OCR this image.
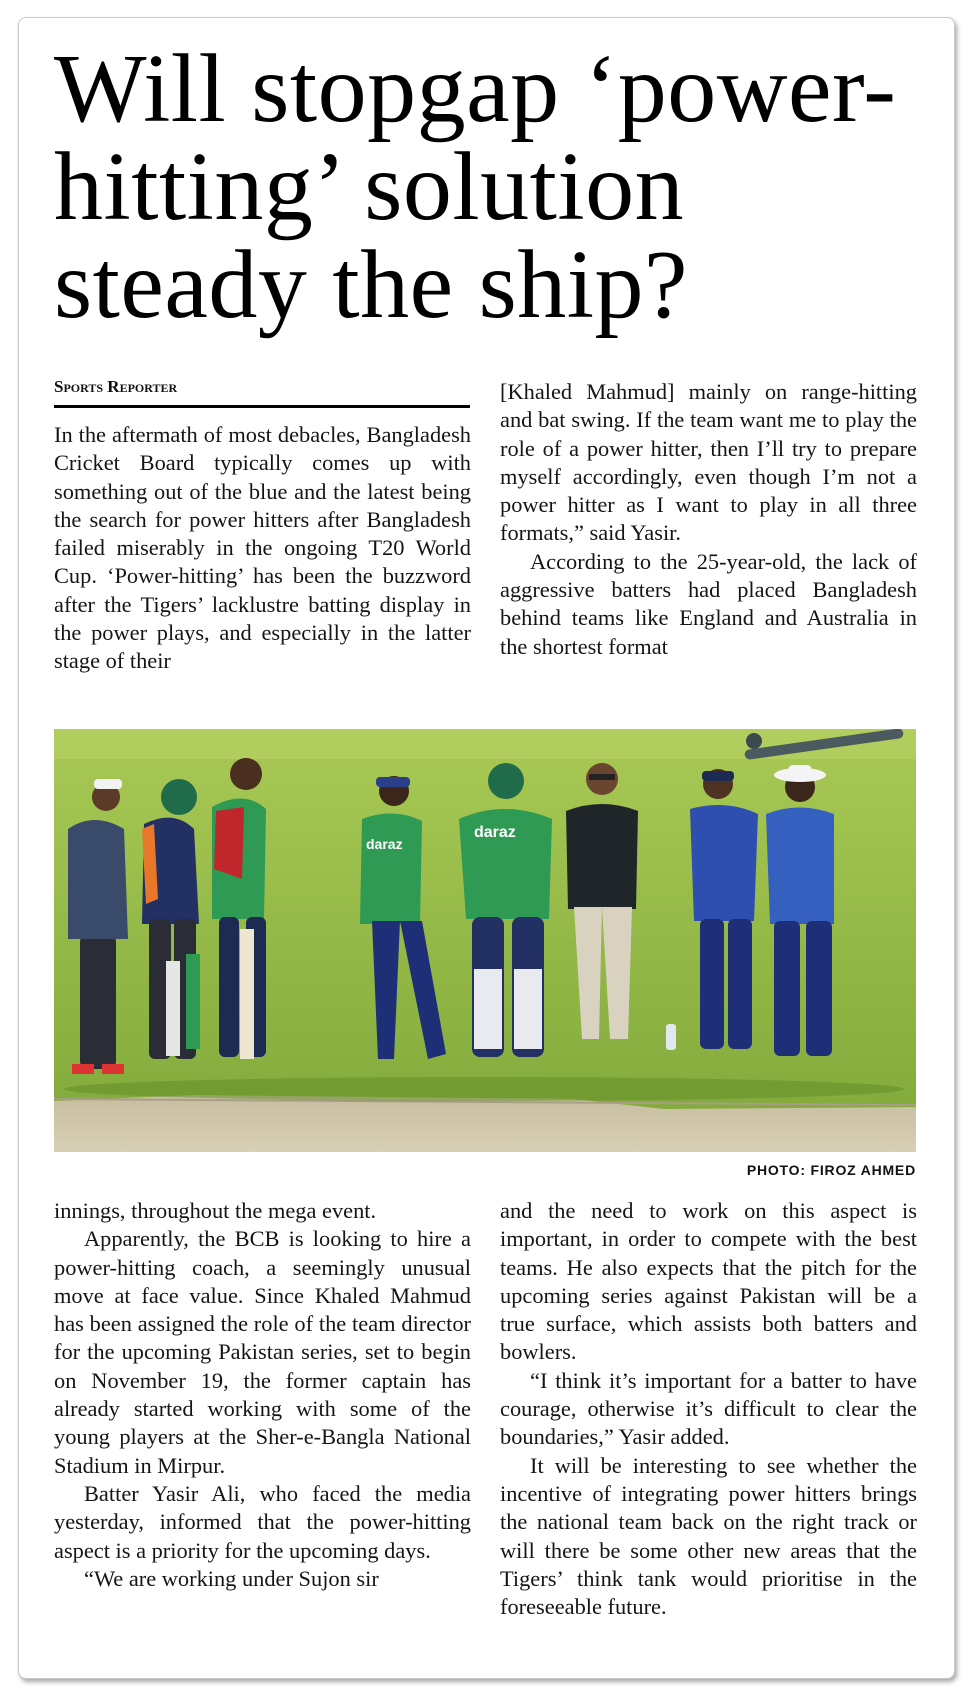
Will stopgap ‘power-hitting’ solution steady the ship?
Sports Reporter

In the aftermath of most debacles, Bangladesh Cricket Board typically comes up with something out of the blue and the latest being the search for power hitters after Bangladesh failed miserably in the ongoing T20 World Cup. ‘Power-hitting’ has been the buzzword after the Tigers’ lacklustre batting display in the power plays, and especially in the latter stage of their

[Khaled Mahmud] mainly on range-hitting and bat swing. If the team want me to play the role of a power hitter, then I’ll try to prepare myself accordingly, even though I’m not a power hitter as I want to play in all three formats,” said Yasir.

According to the 25-year-old, the lack of aggressive batters had placed Bangladesh behind teams like England and Australia in the shortest format

daraz
daraz
PHOTO: FIROZ AHMED

innings, throughout the mega event.

Apparently, the BCB is looking to hire a power-hitting coach, a seemingly unusual move at face value. Since Khaled Mahmud has been assigned the role of the team director for the upcoming Pakistan series, set to begin on November 19, the former captain has already started working with some of the young players at the Sher-e-Bangla National Stadium in Mirpur.

Batter Yasir Ali, who faced the media yesterday, informed that the power-hitting aspect is a priority for the upcoming days.

“We are working under Sujon sir

and the need to work on this aspect is important, in order to compete with the best teams. He also expects that the pitch for the upcoming series against Pakistan will be a true surface, which assists both batters and bowlers.

“I think it’s important for a batter to have courage, otherwise it’s difficult to clear the boundaries,” Yasir added.

It will be interesting to see whether the incentive of integrating power hitters brings the national team back on the right track or will there be some other new areas that the Tigers’ think tank would prioritise in the foreseeable future.
